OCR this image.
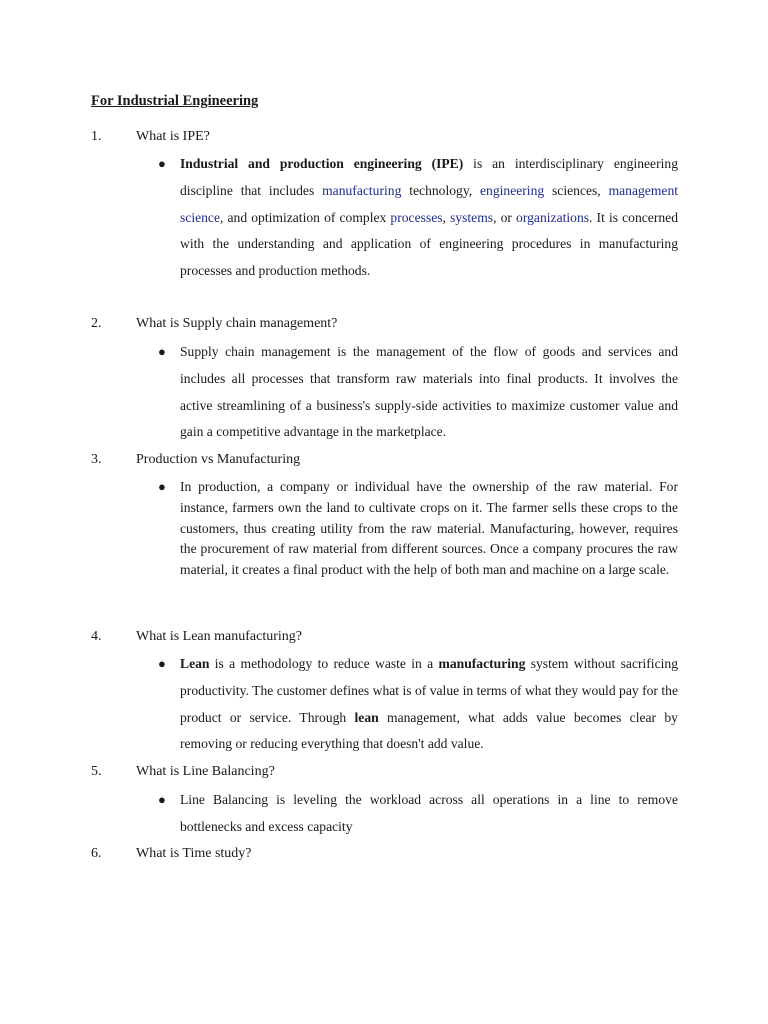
For Industrial Engineering
1. What is IPE?
● Industrial and production engineering (IPE) is an interdisciplinary engineering discipline that includes manufacturing technology, engineering sciences, management science, and optimization of complex processes, systems, or organizations. It is concerned with the understanding and application of engineering procedures in manufacturing processes and production methods.
2. What is Supply chain management?
● Supply chain management is the management of the flow of goods and services and includes all processes that transform raw materials into final products. It involves the active streamlining of a business's supply-side activities to maximize customer value and gain a competitive advantage in the marketplace.
3. Production vs Manufacturing
● In production, a company or individual have the ownership of the raw material. For instance, farmers own the land to cultivate crops on it. The farmer sells these crops to the customers, thus creating utility from the raw material. Manufacturing, however, requires the procurement of raw material from different sources. Once a company procures the raw material, it creates a final product with the help of both man and machine on a large scale.
4. What is Lean manufacturing?
● Lean is a methodology to reduce waste in a manufacturing system without sacrificing productivity. The customer defines what is of value in terms of what they would pay for the product or service. Through lean management, what adds value becomes clear by removing or reducing everything that doesn't add value.
5. What is Line Balancing?
● Line Balancing is leveling the workload across all operations in a line to remove bottlenecks and excess capacity
6. What is Time study?
